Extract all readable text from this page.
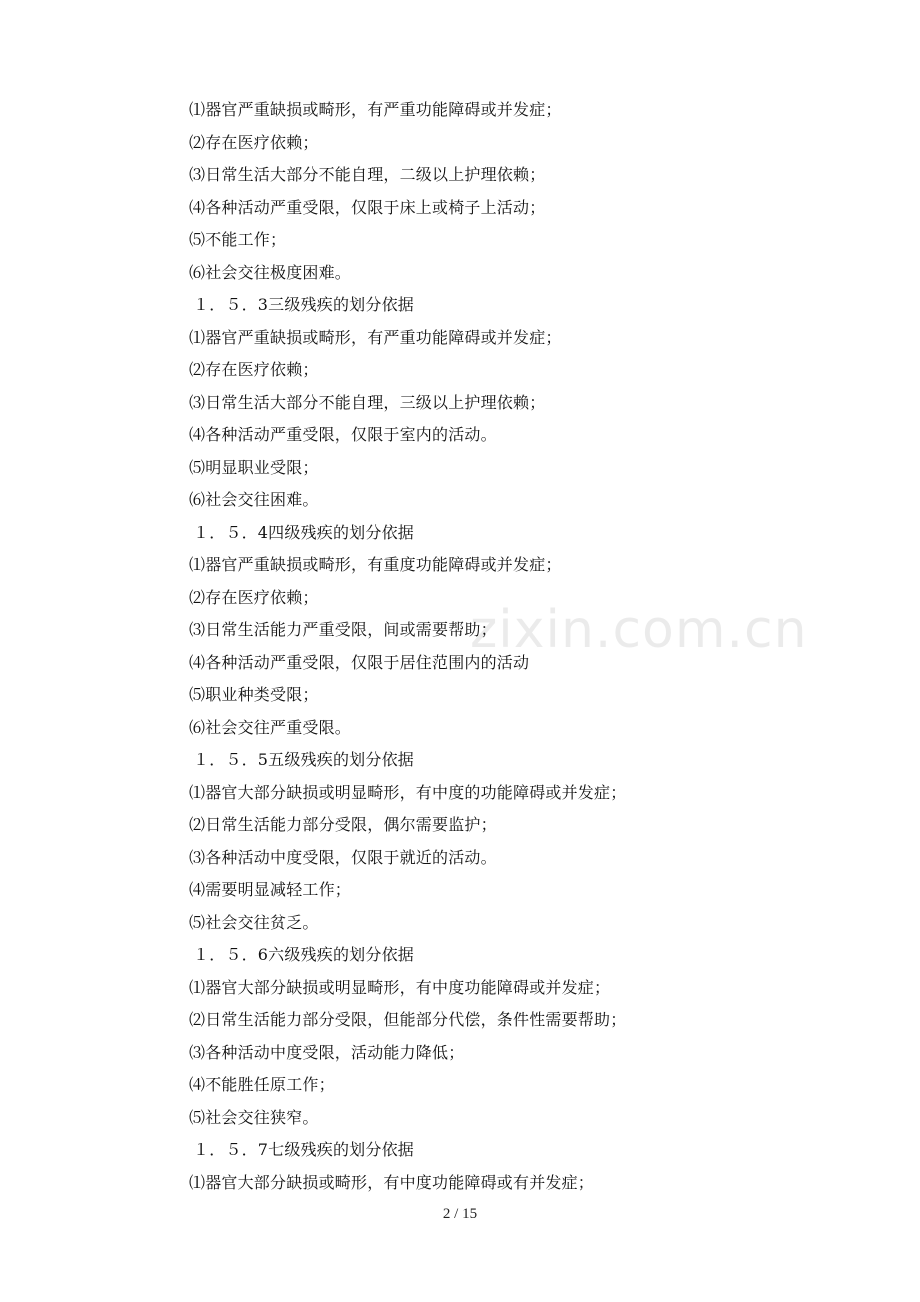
⑴器官严重缺损或畸形，有严重功能障碍或并发症；
⑵存在医疗依赖；
⑶日常生活大部分不能自理，二级以上护理依赖；
⑷各种活动严重受限，仅限于床上或椅子上活动；
⑸不能工作；
⑹社会交往极度困难。
１．５．3三级残疾的划分依据
⑴器官严重缺损或畸形，有严重功能障碍或并发症；
⑵存在医疗依赖；
⑶日常生活大部分不能自理，三级以上护理依赖；
⑷各种活动严重受限，仅限于室内的活动。
⑸明显职业受限；
⑹社会交往困难。
１．５．4四级残疾的划分依据
⑴器官严重缺损或畸形，有重度功能障碍或并发症；
⑵存在医疗依赖；
⑶日常生活能力严重受限，间或需要帮助；
⑷各种活动严重受限，仅限于居住范围内的活动
⑸职业种类受限；
⑹社会交往严重受限。
１．５．5五级残疾的划分依据
⑴器官大部分缺损或明显畸形，有中度的功能障碍或并发症；
⑵日常生活能力部分受限，偶尔需要监护；
⑶各种活动中度受限，仅限于就近的活动。
⑷需要明显减轻工作；
⑸社会交往贫乏。
１．５．6六级残疾的划分依据
⑴器官大部分缺损或明显畸形，有中度功能障碍或并发症；
⑵日常生活能力部分受限，但能部分代偿，条件性需要帮助；
⑶各种活动中度受限，活动能力降低；
⑷不能胜任原工作；
⑸社会交往狭窄。
１．５．7七级残疾的划分依据
⑴器官大部分缺损或畸形，有中度功能障碍或有并发症；
zixin.com.cn
2 / 15
